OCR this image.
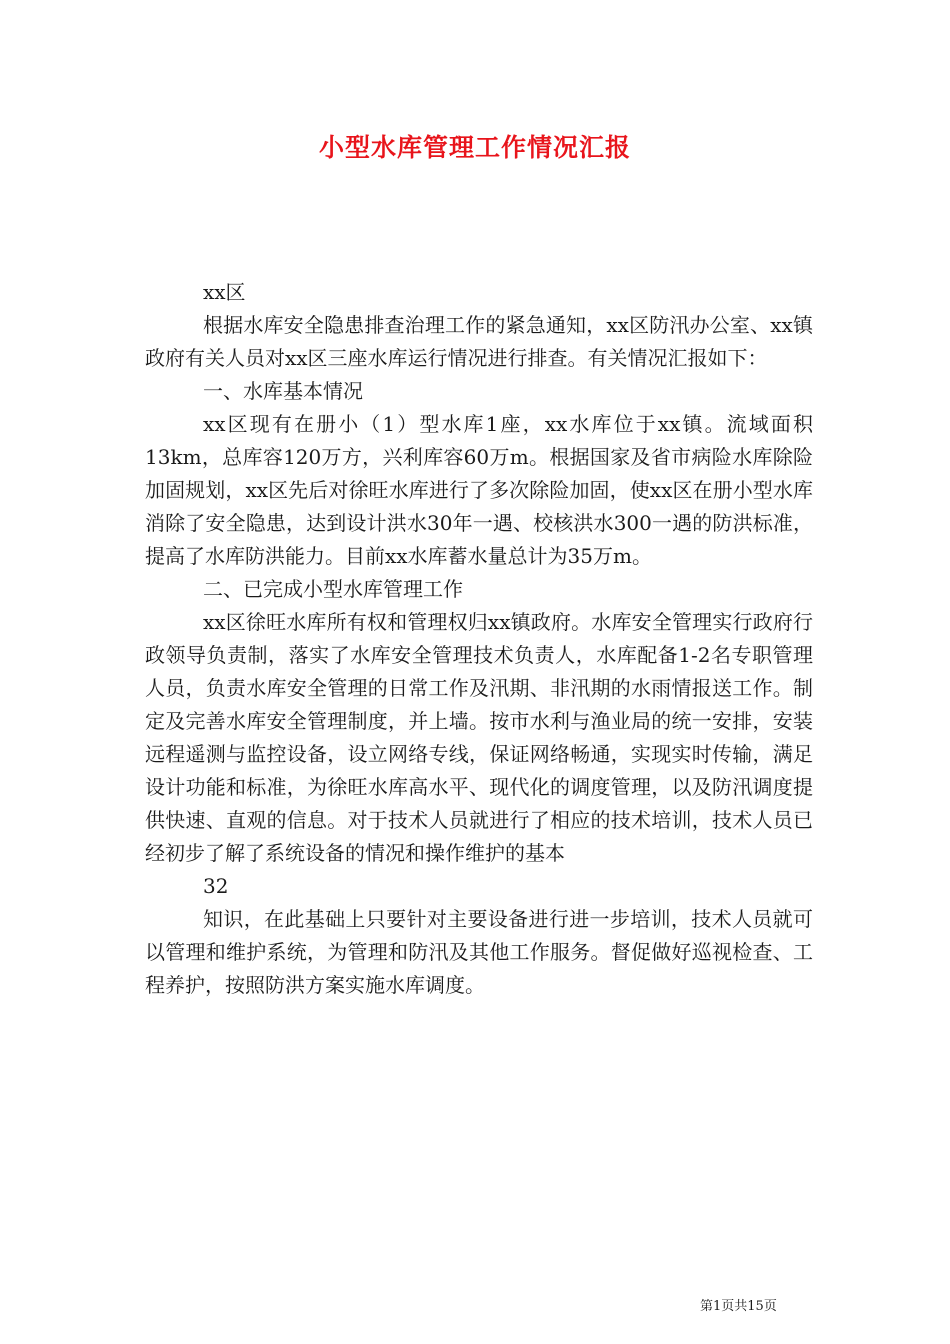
小型水库管理工作情况汇报

xx区

根据水库安全隐患排查治理工作的紧急通知，xx区防汛办公室、xx镇政府有关人员对xx区三座水库运行情况进行排查。有关情况汇报如下：

一、水库基本情况

xx区现有在册小（1）型水库1座，xx水库位于xx镇。流域面积13km，总库容120万方，兴利库容60万m。根据国家及省市病险水库除险加固规划，xx区先后对徐旺水库进行了多次除险加固，使xx区在册小型水库消除了安全隐患，达到设计洪水30年一遇、校核洪水300一遇的防洪标准，提高了水库防洪能力。目前xx水库蓄水量总计为35万m。

二、已完成小型水库管理工作

xx区徐旺水库所有权和管理权归xx镇政府。水库安全管理实行政府行政领导负责制，落实了水库安全管理技术负责人，水库配备1-2名专职管理人员，负责水库安全管理的日常工作及汛期、非汛期的水雨情报送工作。制定及完善水库安全管理制度，并上墙。按市水利与渔业局的统一安排，安装远程遥测与监控设备，设立网络专线，保证网络畅通，实现实时传输，满足设计功能和标准，为徐旺水库高水平、现代化的调度管理，以及防汛调度提供快速、直观的信息。对于技术人员就进行了相应的技术培训，技术人员已经初步了解了系统设备的情况和操作维护的基本

32

知识，在此基础上只要针对主要设备进行进一步培训，技术人员就可以管理和维护系统，为管理和防汛及其他工作服务。督促做好巡视检查、工程养护，按照防洪方案实施水库调度。

第1页共15页
